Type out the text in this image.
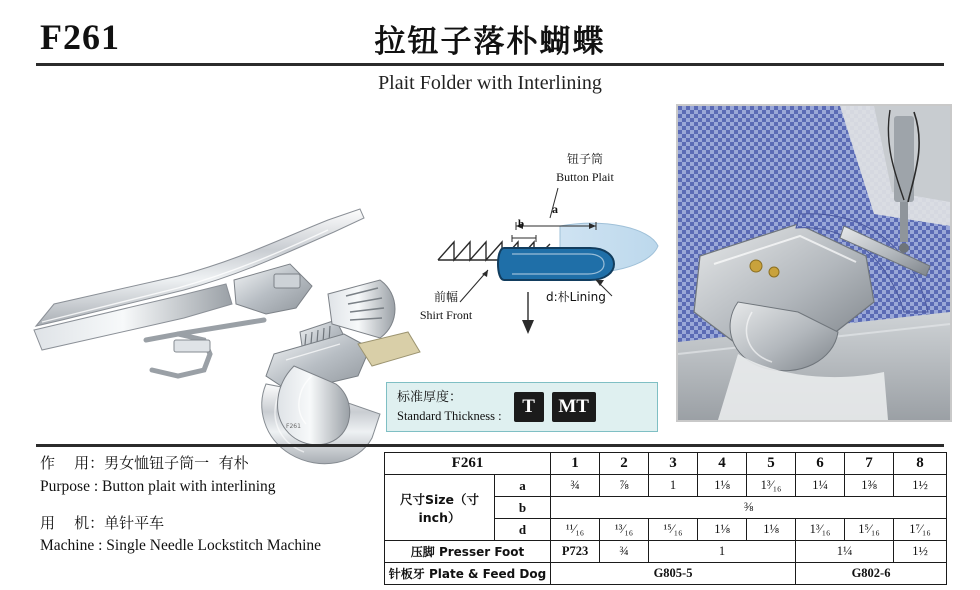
F261	拉钮子落朴蝴蝶
Plait Folder with Interlining
F261
钮子筒
Button Plait
前幅
Shirt Front
d:朴Lining
a
b
标准厚度：
Standard Thickness :	T	MT
作    用：男女恤钮子筒一  有朴
Purpose : Button plait with interlining
用    机：单针平车
Machine : Single Needle Lockstitch Machine
F261		1	2	3	4	5	6	7	8
尺寸Size（寸inch）	a	¾	⅞	1	1⅛	1³⁄₁₆	1¼	1⅜	1½
	b	⅜							
	d	¹¹⁄₁₆	¹³⁄₁₆	¹⁵⁄₁₆	1⅛	1⅛	1³⁄₁₆	1⁵⁄₁₆	1⁷⁄₁₆
压脚 Presser Foot		P723	¾	1			1¼		1½
针板牙 Plate & Feed Dog		G805-5					G802-6		
